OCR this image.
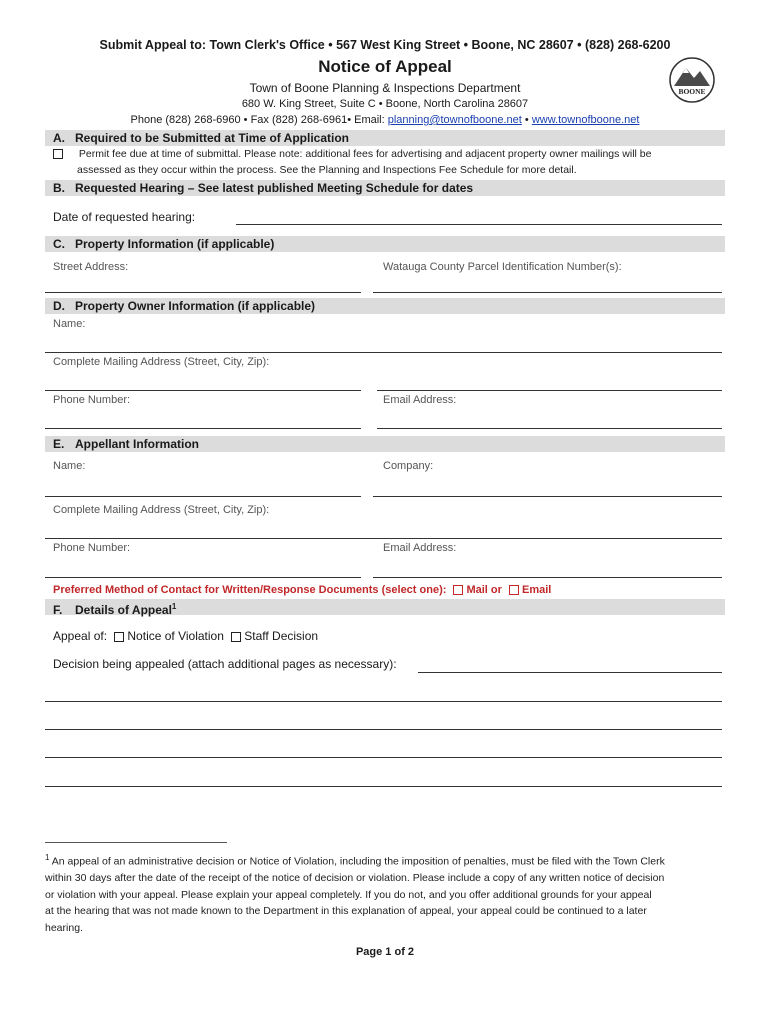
Submit Appeal to: Town Clerk's Office • 567 West King Street • Boone, NC 28607 • (828) 268-6200
Notice of Appeal
Town of Boone Planning & Inspections Department
680 W. King Street, Suite C • Boone, North Carolina 28607
Phone (828) 268-6960 • Fax (828) 268-6961• Email: planning@townofboone.net • www.townofboone.net
BOONE
A. Required to be Submitted at Time of Application
Permit fee due at time of submittal. Please note: additional fees for advertising and adjacent property owner mailings will be
assessed as they occur within the process. See the Planning and Inspections Fee Schedule for more detail.
B. Requested Hearing – See latest published Meeting Schedule for dates
Date of requested hearing:
C. Property Information (if applicable)
Street Address:	Watauga County Parcel Identification Number(s):
D. Property Owner Information (if applicable)
Name:
Complete Mailing Address (Street, City, Zip):
Phone Number:	Email Address:
E. Appellant Information
Name:	Company:
Complete Mailing Address (Street, City, Zip):
Phone Number:	Email Address:
Preferred Method of Contact for Written/Response Documents (select one): Mail or Email
F. Details of Appeal$^1$
Appeal of: Notice of Violation Staff Decision
Decision being appealed (attach additional pages as necessary):
$^1$ An appeal of an administrative decision or Notice of Violation, including the imposition of penalties, must be filed with the Town Clerk
within 30 days after the date of the receipt of the notice of decision or violation. Please include a copy of any written notice of decision
or violation with your appeal. Please explain your appeal completely. If you do not, and you offer additional grounds for your appeal
at the hearing that was not made known to the Department in this explanation of appeal, your appeal could be continued to a later
hearing.
Page 1 of 2
